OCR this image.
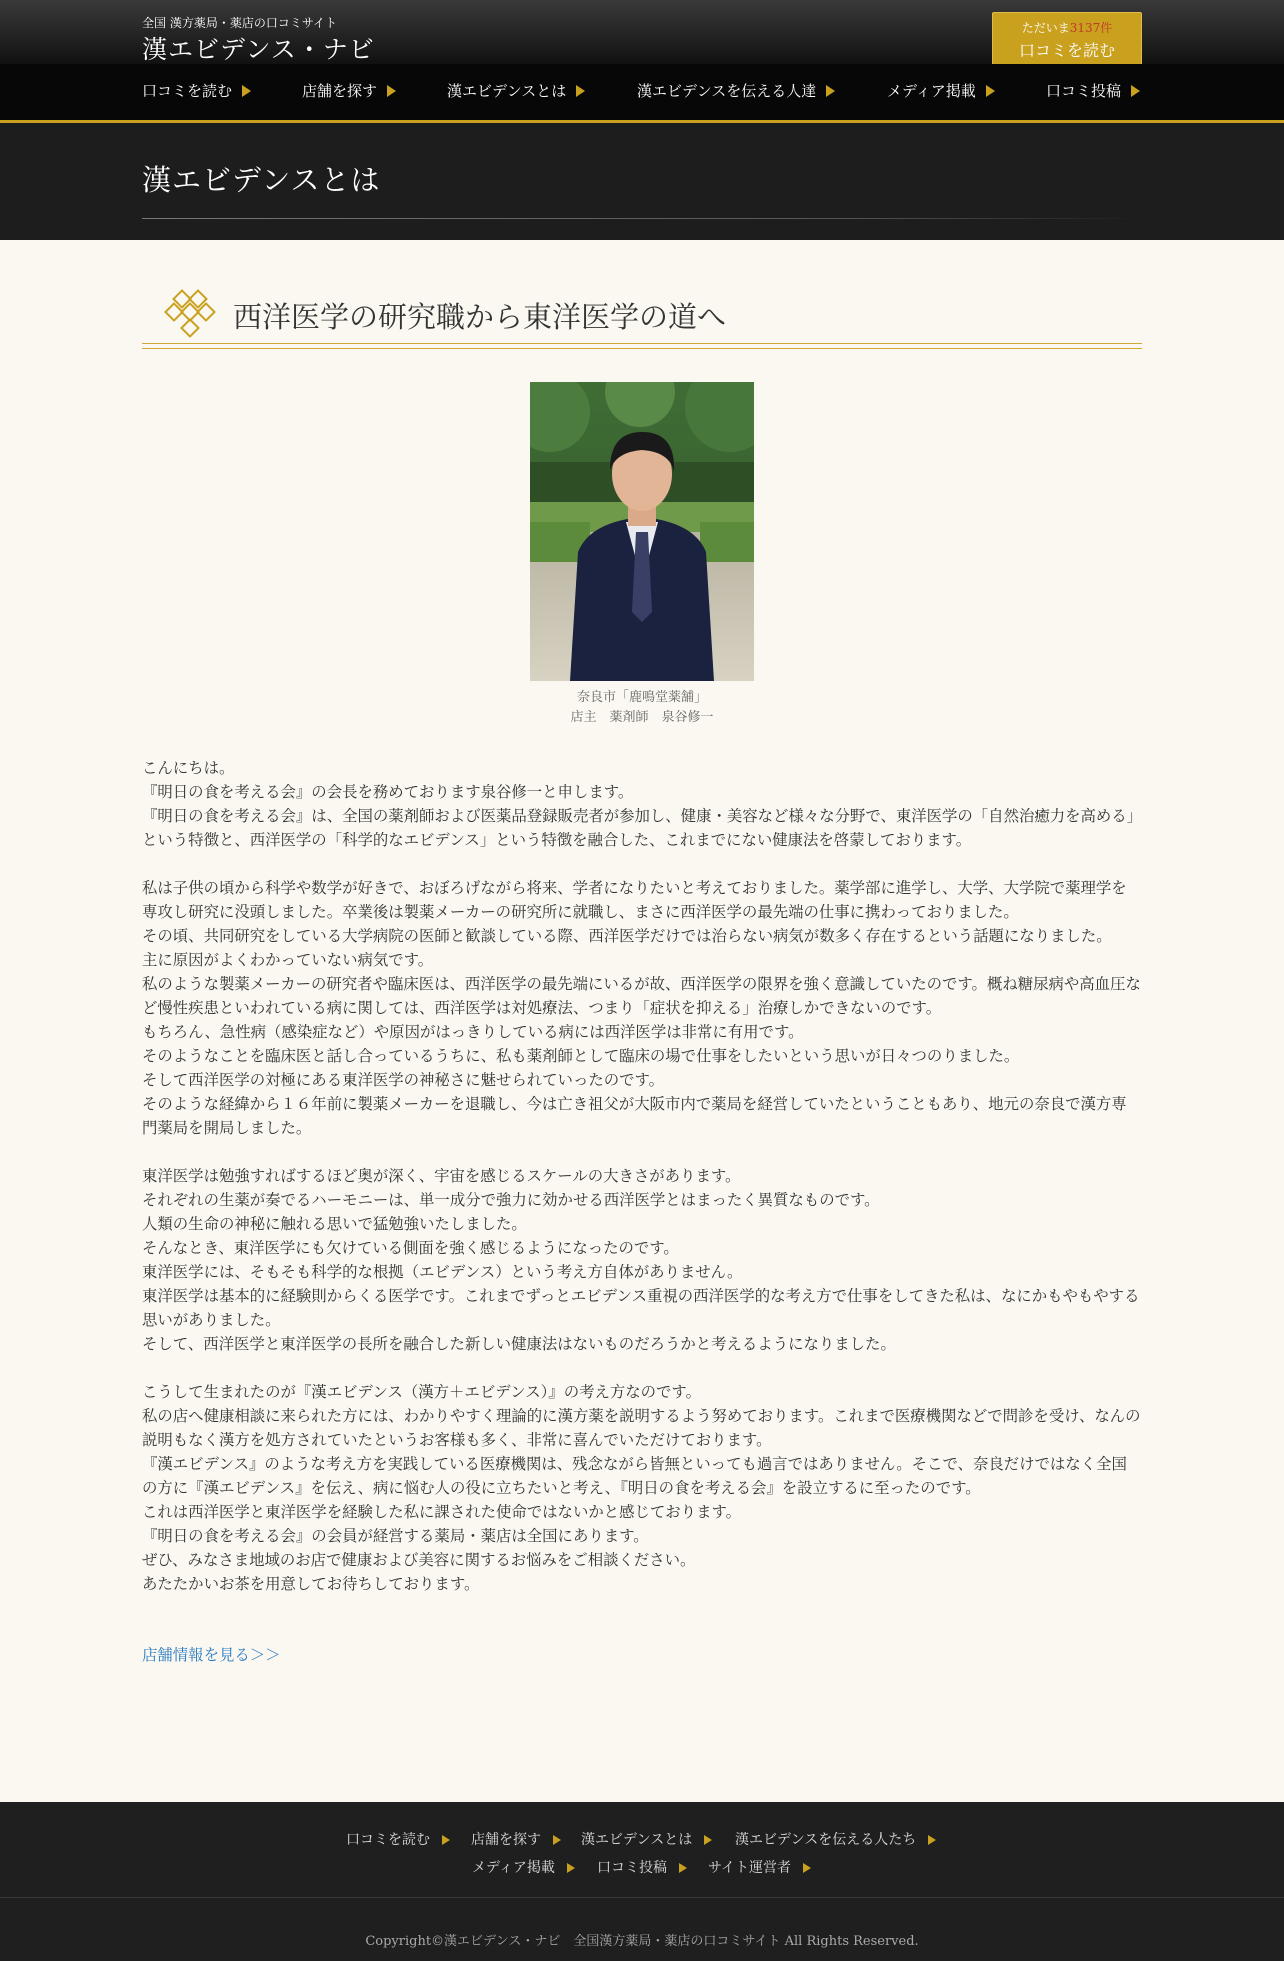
全国 漢方薬局・薬店の口コミサイト
漢エビデンス・ナビ
ただいま3137件
口コミを読む
口コミを読む	店舗を探す	漢エビデンスとは	漢エビデンスを伝える人達	メディア掲載	口コミ投稿
漢エビデンスとは
西洋医学の研究職から東洋医学の道へ
奈良市「鹿鳴堂薬舗」
店主　薬剤師　泉谷修一

こんにちは。
『明日の食を考える会』の会長を務めております泉谷修一と申します。
『明日の食を考える会』は、全国の薬剤師および医薬品登録販売者が参加し、健康・美容など様々な分野で、東洋医学の「自然治癒力を高める」という特徴と、西洋医学の「科学的なエビデンス」という特徴を融合した、これまでにない健康法を啓蒙しております。

私は子供の頃から科学や数学が好きで、おぼろげながら将来、学者になりたいと考えておりました。薬学部に進学し、大学、大学院で薬理学を専攻し研究に没頭しました。卒業後は製薬メーカーの研究所に就職し、まさに西洋医学の最先端の仕事に携わっておりました。
その頃、共同研究をしている大学病院の医師と歓談している際、西洋医学だけでは治らない病気が数多く存在するという話題になりました。
主に原因がよくわかっていない病気です。
私のような製薬メーカーの研究者や臨床医は、西洋医学の最先端にいるが故、西洋医学の限界を強く意識していたのです。概ね糖尿病や高血圧など慢性疾患といわれている病に関しては、西洋医学は対処療法、つまり「症状を抑える」治療しかできないのです。
もちろん、急性病（感染症など）や原因がはっきりしている病には西洋医学は非常に有用です。
そのようなことを臨床医と話し合っているうちに、私も薬剤師として臨床の場で仕事をしたいという思いが日々つのりました。
そして西洋医学の対極にある東洋医学の神秘さに魅せられていったのです。
そのような経緯から１６年前に製薬メーカーを退職し、今は亡き祖父が大阪市内で薬局を経営していたということもあり、地元の奈良で漢方専門薬局を開局しました。

東洋医学は勉強すればするほど奥が深く、宇宙を感じるスケールの大きさがあります。
それぞれの生薬が奏でるハーモニーは、単一成分で強力に効かせる西洋医学とはまったく異質なものです。
人類の生命の神秘に触れる思いで猛勉強いたしました。
そんなとき、東洋医学にも欠けている側面を強く感じるようになったのです。
東洋医学には、そもそも科学的な根拠（エビデンス）という考え方自体がありません。
東洋医学は基本的に経験則からくる医学です。これまでずっとエビデンス重視の西洋医学的な考え方で仕事をしてきた私は、なにかもやもやする思いがありました。
そして、西洋医学と東洋医学の長所を融合した新しい健康法はないものだろうかと考えるようになりました。

こうして生まれたのが『漢エビデンス（漢方＋エビデンス）』の考え方なのです。
私の店へ健康相談に来られた方には、わかりやすく理論的に漢方薬を説明するよう努めております。これまで医療機関などで問診を受け、なんの説明もなく漢方を処方されていたというお客様も多く、非常に喜んでいただけております。
『漢エビデンス』のような考え方を実践している医療機関は、残念ながら皆無といっても過言ではありません。そこで、奈良だけではなく全国の方に『漢エビデンス』を伝え、病に悩む人の役に立ちたいと考え、『明日の食を考える会』を設立するに至ったのです。
これは西洋医学と東洋医学を経験した私に課された使命ではないかと感じております。
『明日の食を考える会』の会員が経営する薬局・薬店は全国にあります。
ぜひ、みなさま地域のお店で健康および美容に関するお悩みをご相談ください。
あたたかいお茶を用意してお待ちしております。

店舗情報を見る＞＞
口コミを読む	店舗を探す	漢エビデンスとは	漢エビデンスを伝える人たち
メディア掲載	口コミ投稿	サイト運営者
Copyright©漢エビデンス・ナビ　全国漢方薬局・薬店の口コミサイト All Rights Reserved.
